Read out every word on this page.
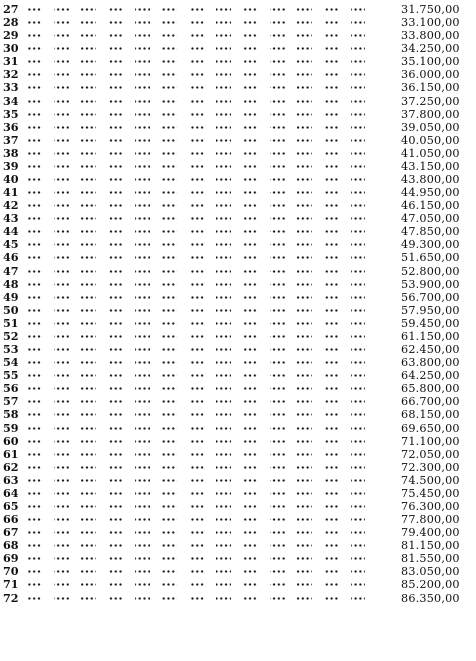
27	31.750,00
28	33.100,00
29	33.800,00
30	34.250,00
31	35.100,00
32	36.000,00
33	36.150,00
34	37.250,00
35	37.800,00
36	39.050,00
37	40.050,00
38	41.050,00
39	43.150,00
40	43.800,00
41	44.950,00
42	46.150,00
43	47.050,00
44	47.850,00
45	49.300,00
46	51.650,00
47	52.800,00
48	53.900,00
49	56.700,00
50	57.950,00
51	59.450,00
52	61.150,00
53	62.450,00
54	63.800,00
55	64.250,00
56	65.800,00
57	66.700,00
58	68.150,00
59	69.650,00
60	71.100,00
61	72.050,00
62	72.300,00
63	74.500,00
64	75.450,00
65	76.300,00
66	77.800,00
67	79.400,00
68	81.150,00
69	81.550,00
70	83.050,00
71	85.200,00
72	86.350,00
